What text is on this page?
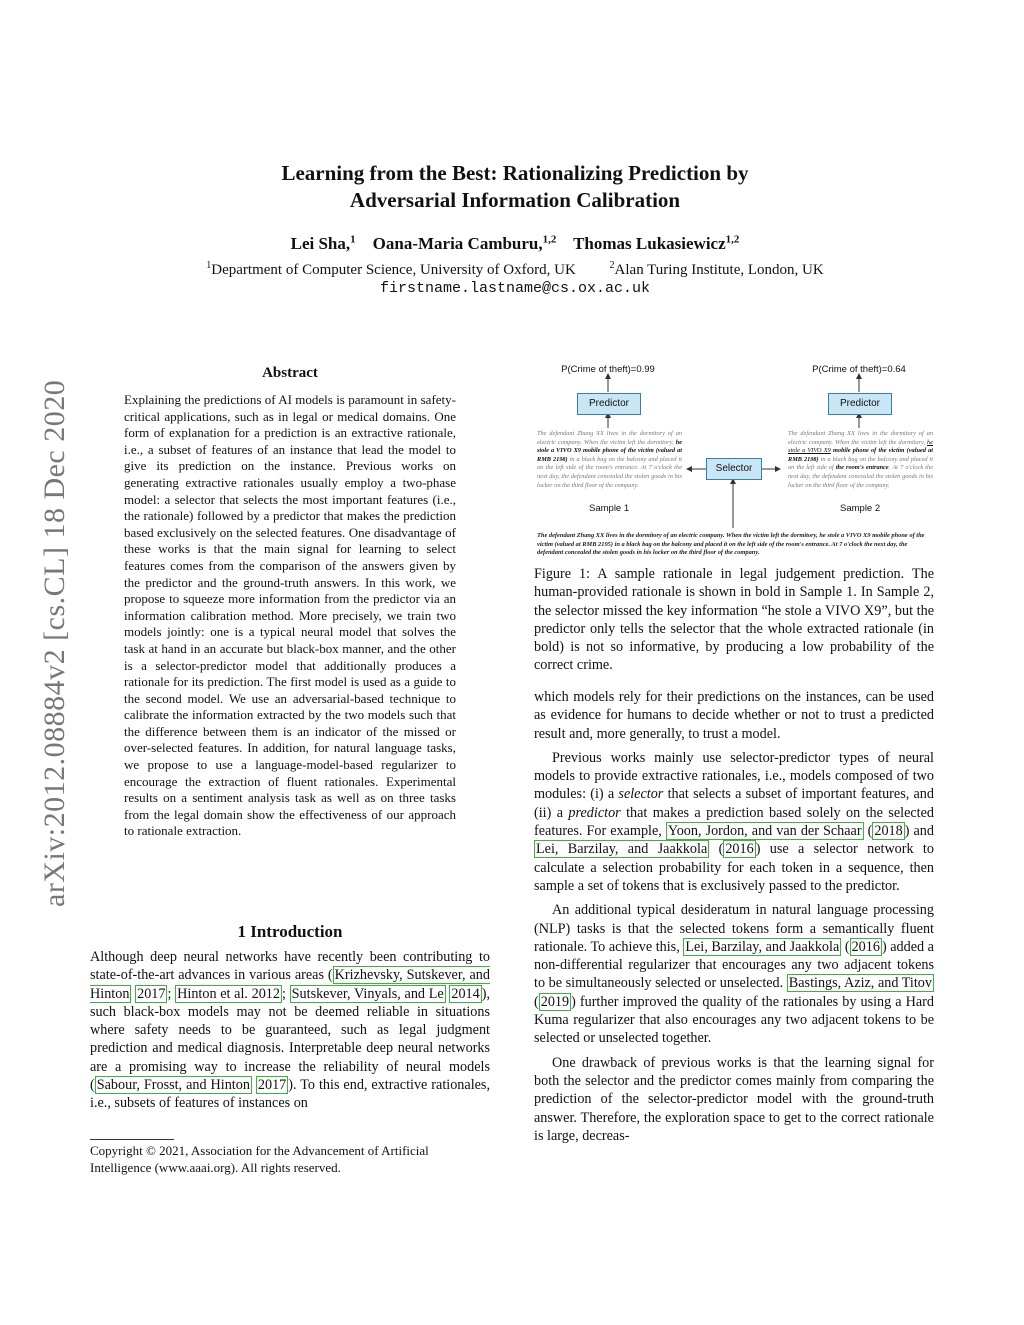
arXiv:2012.08884v2 [cs.CL] 18 Dec 2020
Learning from the Best: Rationalizing Prediction by
Adversarial Information Calibration
Lei Sha,$^1$ Oana-Maria Camburu,$^{1,2}$ Thomas Lukasiewicz$^{1,2}$
$^1$Department of Computer Science, University of Oxford, UK	$^2$Alan Turing Institute, London, UK
firstname.lastname@cs.ox.ac.uk
Abstract
Explaining the predictions of AI models is paramount in safety-critical applications, such as in legal or medical domains. One form of explanation for a prediction is an extractive rationale, i.e., a subset of features of an instance that lead the model to give its prediction on the instance. Previous works on generating extractive rationales usually employ a two-phase model: a selector that selects the most important features (i.e., the rationale) followed by a predictor that makes the prediction based exclusively on the selected features. One disadvantage of these works is that the main signal for learning to select features comes from the comparison of the answers given by the predictor and the ground-truth answers. In this work, we propose to squeeze more information from the predictor via an information calibration method. More precisely, we train two models jointly: one is a typical neural model that solves the task at hand in an accurate but black-box manner, and the other is a selector-predictor model that additionally produces a rationale for its prediction. The first model is used as a guide to the second model. We use an adversarial-based technique to calibrate the information extracted by the two models such that the difference between them is an indicator of the missed or over-selected features. In addition, for natural language tasks, we propose to use a language-model-based regularizer to encourage the extraction of fluent rationales. Experimental results on a sentiment analysis task as well as on three tasks from the legal domain show the effectiveness of our approach to rationale extraction.
1 Introduction
Although deep neural networks have recently been contributing to state-of-the-art advances in various areas ( Krizhevsky, Sutskever, and Hinton 2017 ; Hinton et al. 2012 ; Sutskever, Vinyals, and Le 2014 ), such black-box models may not be deemed reliable in situations where safety needs to be guaranteed, such as legal judgment prediction and medical diagnosis. Interpretable deep neural networks are a promising way to increase the reliability of neural models ( Sabour, Frosst, and Hinton 2017 ). To this end, extractive rationales, i.e., subsets of features of instances on
Copyright © 2021, Association for the Advancement of Artificial Intelligence (www.aaai.org). All rights reserved.
P(Crime of theft)=0.99	P(Crime of theft)=0.64
Predictor	Predictor
Selector
The defendant Zhang XX lives in the dormitory of an electric company. When the victim left the dormitory, he stole a VIVO X9 mobile phone of the victim (valued at RMB 2198) in a black bag on the balcony and placed it on the left side of the room's entrance. At 7 o'clock the next day, the defendant concealed the stolen goods in his locker on the third floor of the company.
The defendant Zhang XX lives in the dormitory of an electric company. When the victim left the dormitory, he stole a VIVO X9 mobile phone of the victim (valued at RMB 2198) in a black bag on the balcony and placed it on the left side of the room's entrance. At 7 o'clock the next day, the defendant concealed the stolen goods in his locker on the third floor of the company.
Sample 1	Sample 2
The defendant Zhang XX lives in the dormitory of an electric company. When the victim left the dormitory, he stole a VIVO X9 mobile phone of the victim (valued at RMB 2195) in a black bag on the balcony and placed it on the left side of the room's entrance. At 7 o'clock the next day, the defendant concealed the stolen goods in his locker on the third floor of the company.
Figure 1: A sample rationale in legal judgement prediction. The human-provided rationale is shown in bold in Sample 1. In Sample 2, the selector missed the key information “he stole a VIVO X9”, but the predictor only tells the selector that the whole extracted rationale (in bold) is not so informative, by producing a low probability of the correct crime.

which models rely for their predictions on the instances, can be used as evidence for humans to decide whether or not to trust a predicted result and, more generally, to trust a model.

Previous works mainly use selector-predictor types of neural models to provide extractive rationales, i.e., models composed of two modules: (i) a selector that selects a subset of important features, and (ii) a predictor that makes a prediction based solely on the selected features. For example, Yoon, Jordon, and van der Schaar ( 2018 ) and Lei, Barzilay, and Jaakkola ( 2016 ) use a selector network to calculate a selection probability for each token in a sequence, then sample a set of tokens that is exclusively passed to the predictor.

An additional typical desideratum in natural language processing (NLP) tasks is that the selected tokens form a semantically fluent rationale. To achieve this, Lei, Barzilay, and Jaakkola ( 2016 ) added a non-differential regularizer that encourages any two adjacent tokens to be simultaneously selected or unselected. Bastings, Aziz, and Titov ( 2019 ) further improved the quality of the rationales by using a Hard Kuma regularizer that also encourages any two adjacent tokens to be selected or unselected together.

One drawback of previous works is that the learning signal for both the selector and the predictor comes mainly from comparing the prediction of the selector-predictor model with the ground-truth answer. Therefore, the exploration space to get to the correct rationale is large, decreas-
